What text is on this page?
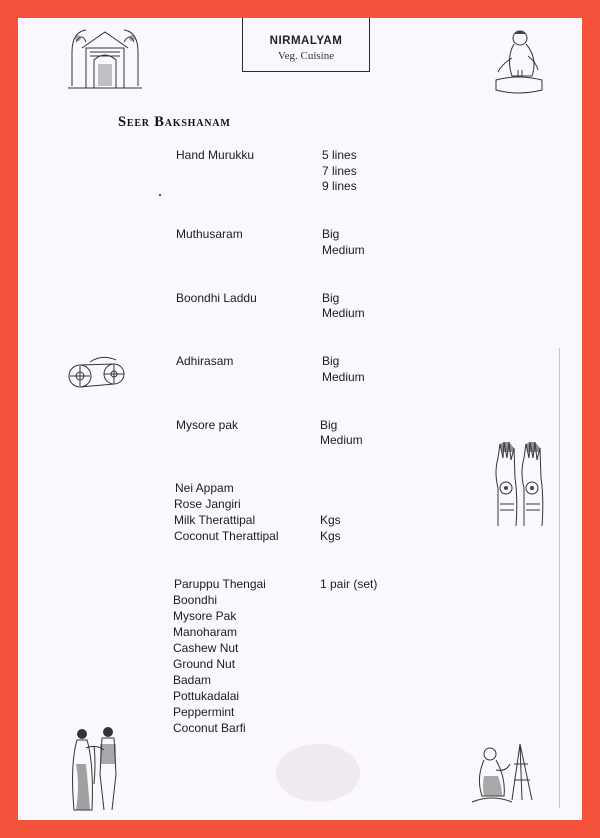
NIRMALYAM
Veg. Cuisine
Seer Bakshanam
Hand Murukku	5 lines
7 lines
9 lines
Muthusaram	Big
Medium
Boondhi Laddu	Big
Medium
Adhirasam	Big
Medium
Mysore pak	Big
Medium
Nei Appam
Rose Jangiri
Milk Therattipal	Kgs
Coconut Therattipal	Kgs
Paruppu Thengai	1 pair (set)
Boondhi
Mysore Pak
Manoharam
Cashew Nut
Ground Nut
Badam
Pottukadalai
Peppermint
Coconut Barfi
